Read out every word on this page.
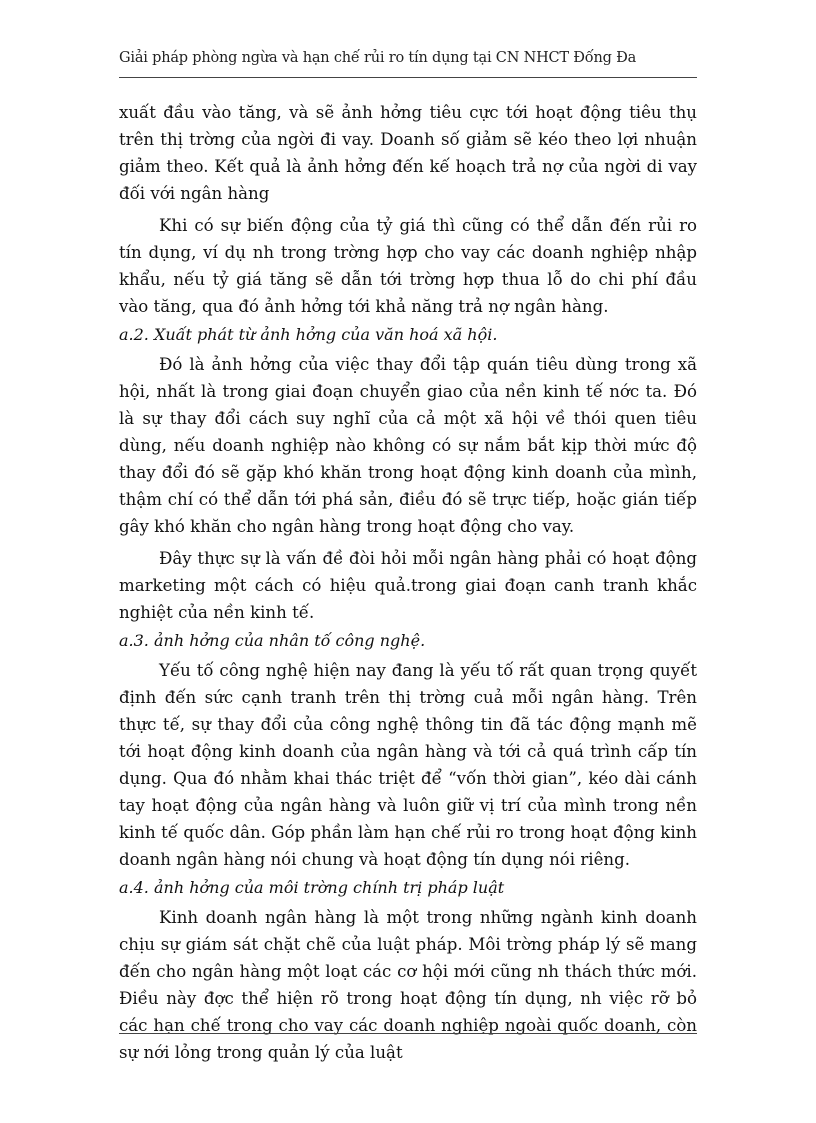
Giải pháp phòng ngừa và hạn chế rủi ro tín dụng tại CN NHCT Đống Đa

xuất đầu vào tăng, và sẽ ảnh hởng tiêu cực tới hoạt động tiêu thụ trên thị trờng của ngời đi vay. Doanh số giảm sẽ kéo theo lợi nhuận giảm theo. Kết quả là ảnh hởng đến kế hoạch trả nợ của ngời di vay đối với ngân hàng

Khi có sự biến động của tỷ giá thì cũng có thể dẫn đến rủi ro tín dụng, ví dụ nh trong trờng hợp cho vay các doanh nghiệp nhập khẩu, nếu tỷ giá tăng sẽ dẫn tới trờng hợp thua lỗ do chi phí đầu vào tăng, qua đó ảnh hởng tới khả năng trả nợ ngân hàng.

a.2. Xuất phát từ ảnh hởng của văn hoá xã hội.

Đó là ảnh hởng của việc thay đổi tập quán tiêu dùng trong xã hội, nhất là trong giai đoạn chuyển giao của nền kinh tế nớc ta. Đó là sự thay đổi cách suy nghĩ của cả một xã hội về thói quen tiêu dùng, nếu doanh nghiệp nào không có sự nắm bắt kịp thời mức độ thay đổi đó sẽ gặp khó khăn trong hoạt động kinh doanh của mình, thậm chí có thể dẫn tới phá sản, điều đó sẽ trực tiếp, hoặc gián tiếp gây khó khăn cho ngân hàng trong hoạt động cho vay.

Đây thực sự là vấn đề đòi hỏi mỗi ngân hàng phải có hoạt động marketing một cách có hiệu quả.trong giai đoạn canh tranh khắc nghiệt của nền kinh tế.

a.3. ảnh hởng của nhân tố công nghệ.

Yếu tố công nghệ hiện nay đang là yếu tố rất quan trọng quyết định đến sức cạnh tranh trên thị trờng cuả mỗi ngân hàng. Trên thực tế, sự thay đổi của công nghệ thông tin đã tác động mạnh mẽ tới hoạt động kinh doanh của ngân hàng và tới cả quá trình cấp tín dụng. Qua đó nhằm khai thác triệt để “vốn thời gian”, kéo dài cánh tay hoạt động của ngân hàng và luôn giữ vị trí của mình trong nền kinh tế quốc dân. Góp phần làm hạn chế rủi ro trong hoạt động kinh doanh ngân hàng nói chung và hoạt động tín dụng nói riêng.

a.4. ảnh hởng của môi trờng chính trị pháp luật

Kinh doanh ngân hàng là một trong những ngành kinh doanh chịu sự giám sát chặt chẽ của luật pháp. Môi trờng pháp lý sẽ mang đến cho ngân hàng một loạt các cơ hội mới cũng nh thách thức mới. Điều này đợc thể hiện rõ trong hoạt động tín dụng, nh việc rỡ bỏ các hạn chế trong cho vay các doanh nghiệp ngoài quốc doanh, còn sự nới lỏng trong quản lý của luật
